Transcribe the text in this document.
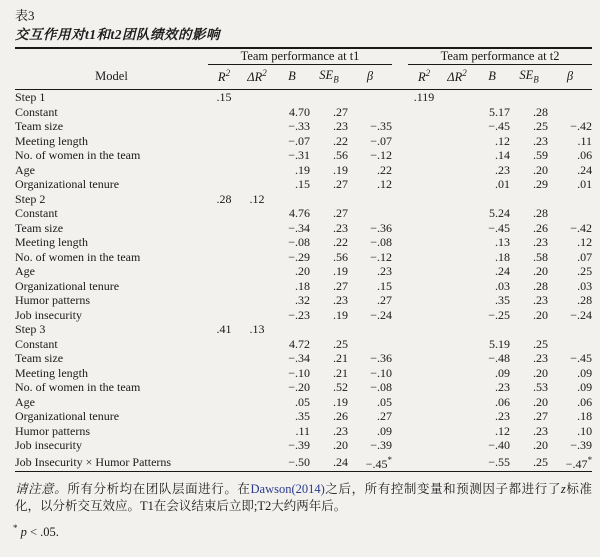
表3
交互作用对t1和t2团队绩效的影响
	Team performance at t1						Team performance at t2				
Model	$R^2$	$\Delta R^2$	B	$SE_B$	β		$R^2$	$\Delta R^2$	B	$SE_B$	β
Step 1	.15						.119				
Constant			4.70	.27					5.17	.28	
Team size			−.33	.23	−.35				−.45	.25	−.42
Meeting length			−.07	.22	−.07				.12	.23	.11
No. of women in the team			−.31	.56	−.12				.14	.59	.06
Age			.19	.19	.22				.23	.20	.24
Organizational tenure			.15	.27	.12				.01	.29	.01
Step 2	.28	.12									
Constant			4.76	.27					5.24	.28	
Team size			−.34	.23	−.36				−.45	.26	−.42
Meeting length			−.08	.22	−.08				.13	.23	.12
No. of women in the team			−.29	.56	−.12				.18	.58	.07
Age			.20	.19	.23				.24	.20	.25
Organizational tenure			.18	.27	.15				.03	.28	.03
Humor patterns			.32	.23	.27				.35	.23	.28
Job insecurity			−.23	.19	−.24				−.25	.20	−.24
Step 3	.41	.13									
Constant			4.72	.25					5.19	.25	
Team size			−.34	.21	−.36				−.48	.23	−.45
Meeting length			−.10	.21	−.10				.09	.20	.09
No. of women in the team			−.20	.52	−.08				.23	.53	.09
Age			.05	.19	.05				.06	.20	.06
Organizational tenure			.35	.26	.27				.23	.27	.18
Humor patterns			.11	.23	.09				.12	.23	.10
Job insecurity			−.39	.20	−.39				−.40	.20	−.39
Job Insecurity × Humor Patterns			−.50	.24	−.45*				−.55	.25	−.47*
请注意。所有分析均在团队层面进行。在Dawson(2014)之后，所有控制变量和预测因子都进行了z标准化，以分析交互效应。T1在会议结束后立即;T2大约两年后。
* p < .05.
